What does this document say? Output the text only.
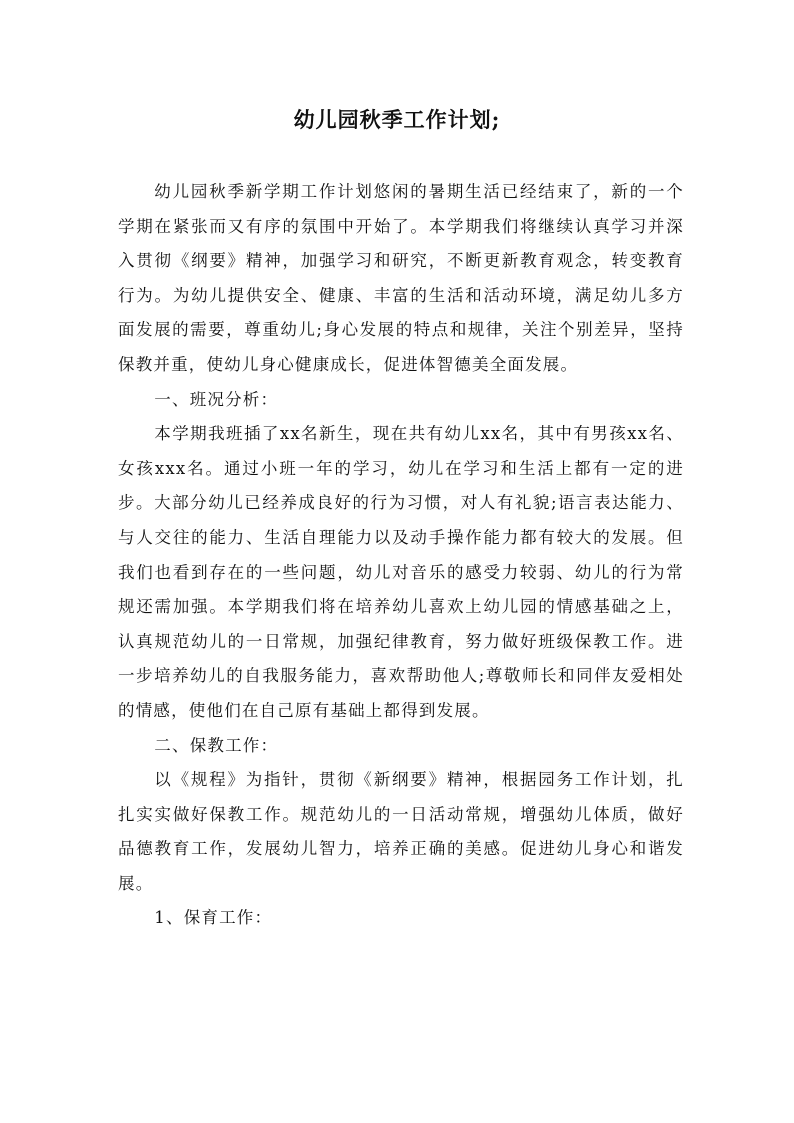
幼儿园秋季工作计划;

幼儿园秋季新学期工作计划悠闲的暑期生活已经结束了，新的一个学期在紧张而又有序的氛围中开始了。本学期我们将继续认真学习并深入贯彻《纲要》精神，加强学习和研究，不断更新教育观念，转变教育行为。为幼儿提供安全、健康、丰富的生活和活动环境，满足幼儿多方面发展的需要，尊重幼儿;身心发展的特点和规律，关注个别差异，坚持保教并重，使幼儿身心健康成长，促进体智德美全面发展。

一、班况分析：

本学期我班插了xx名新生，现在共有幼儿xx名，其中有男孩xx名、女孩xxx名。通过小班一年的学习，幼儿在学习和生活上都有一定的进步。大部分幼儿已经养成良好的行为习惯，对人有礼貌;语言表达能力、与人交往的能力、生活自理能力以及动手操作能力都有较大的发展。但我们也看到存在的一些问题，幼儿对音乐的感受力较弱、幼儿的行为常规还需加强。本学期我们将在培养幼儿喜欢上幼儿园的情感基础之上，认真规范幼儿的一日常规，加强纪律教育，努力做好班级保教工作。进一步培养幼儿的自我服务能力，喜欢帮助他人;尊敬师长和同伴友爱相处的情感，使他们在自己原有基础上都得到发展。

二、保教工作：

以《规程》为指针，贯彻《新纲要》精神，根据园务工作计划，扎扎实实做好保教工作。规范幼儿的一日活动常规，增强幼儿体质，做好品德教育工作，发展幼儿智力，培养正确的美感。促进幼儿身心和谐发展。

1、保育工作：
